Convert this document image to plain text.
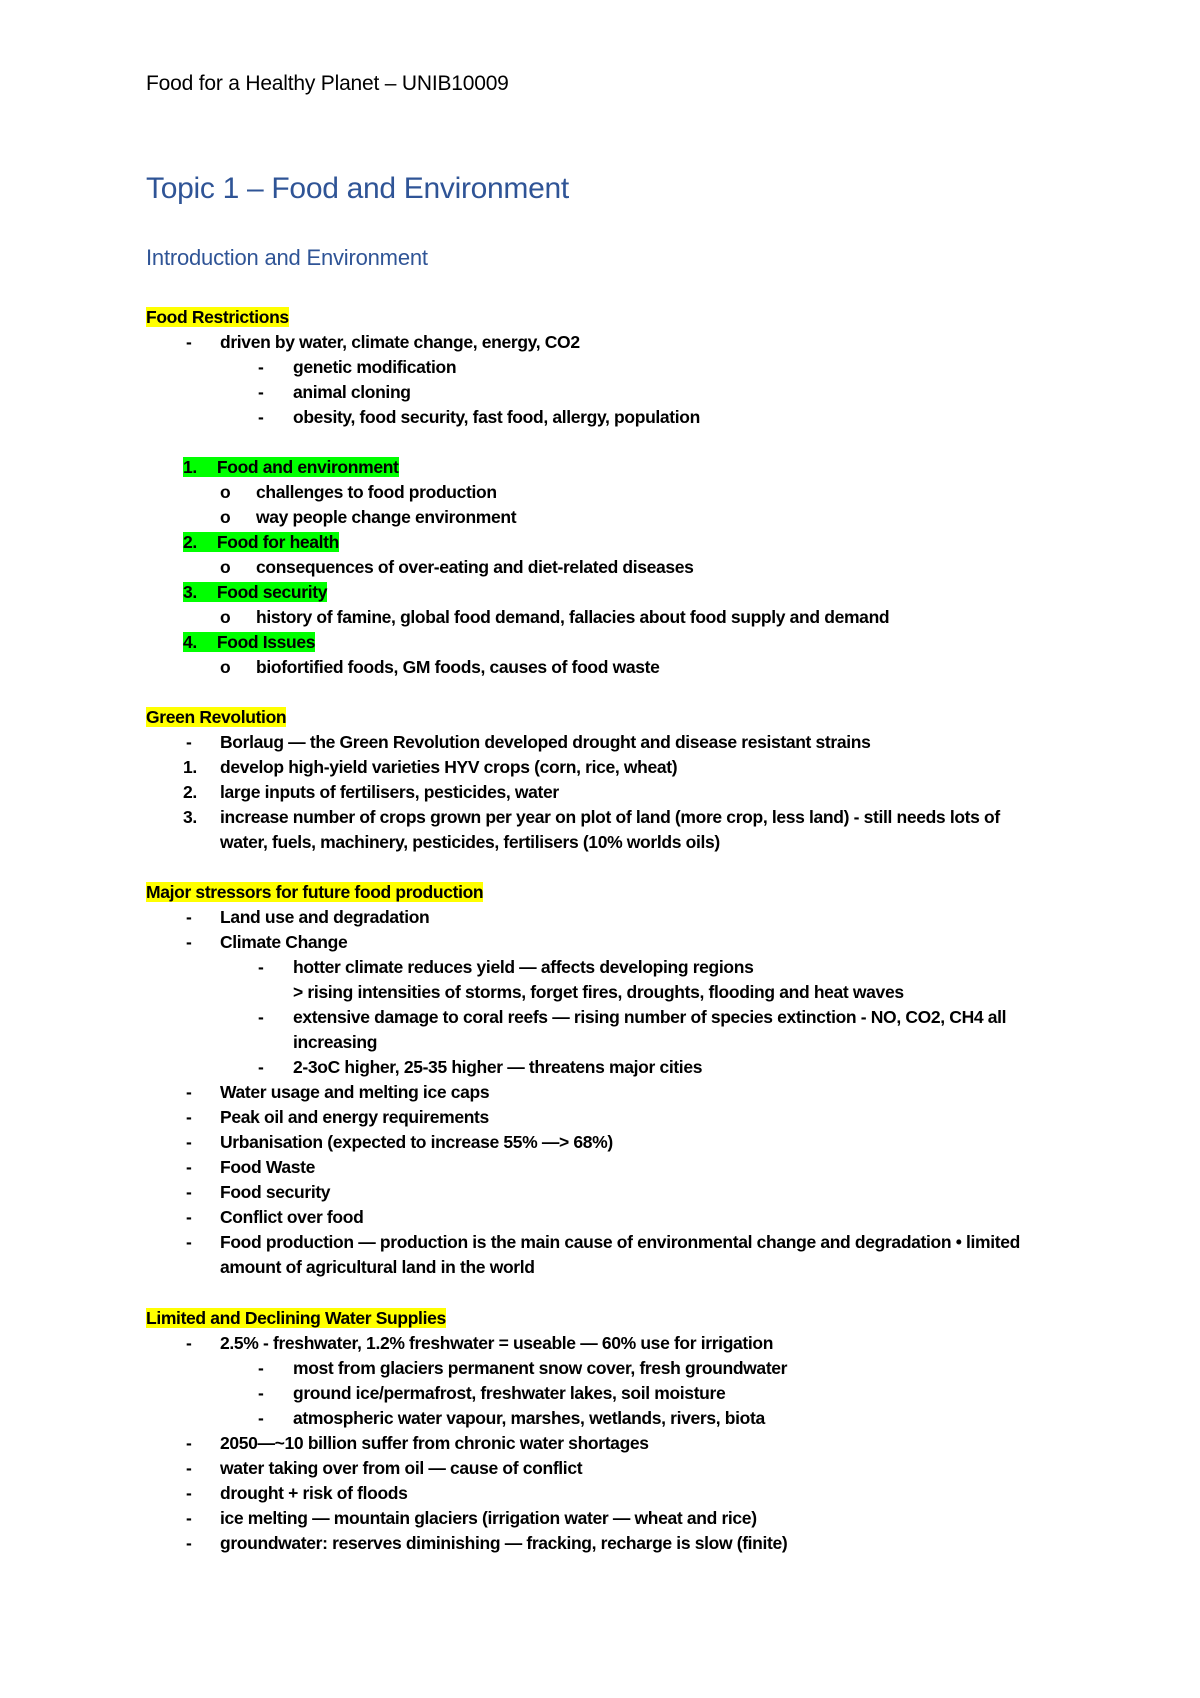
Food for a Healthy Planet – UNIB10009
Topic 1 – Food and Environment
Introduction and Environment
Food Restrictions
- driven by water, climate change, energy, CO2
- genetic modification
- animal cloning
- obesity, food security, fast food, allergy, population
1. Food and environment
o challenges to food production
o way people change environment
2. Food for health
o consequences of over-eating and diet-related diseases
3. Food security
o history of famine, global food demand, fallacies about food supply and demand
4. Food Issues
o biofortified foods, GM foods, causes of food waste
Green Revolution
- Borlaug — the Green Revolution developed drought and disease resistant strains
1. develop high-yield varieties HYV crops (corn, rice, wheat)
2. large inputs of fertilisers, pesticides, water
3. increase number of crops grown per year on plot of land (more crop, less land) - still needs lots of
water, fuels, machinery, pesticides, fertilisers (10% worlds oils)
Major stressors for future food production
- Land use and degradation
- Climate Change
- hotter climate reduces yield — affects developing regions
> rising intensities of storms, forget fires, droughts, flooding and heat waves
- extensive damage to coral reefs — rising number of species extinction - NO, CO2, CH4 all
increasing
- 2-3oC higher, 25-35 higher — threatens major cities
- Water usage and melting ice caps
- Peak oil and energy requirements
- Urbanisation (expected to increase 55% —> 68%)
- Food Waste
- Food security
- Conflict over food
- Food production — production is the main cause of environmental change and degradation • limited
amount of agricultural land in the world
Limited and Declining Water Supplies
- 2.5% - freshwater, 1.2% freshwater = useable — 60% use for irrigation
- most from glaciers permanent snow cover, fresh groundwater
- ground ice/permafrost, freshwater lakes, soil moisture
- atmospheric water vapour, marshes, wetlands, rivers, biota
- 2050—~10 billion suffer from chronic water shortages
- water taking over from oil — cause of conflict
- drought + risk of floods
- ice melting — mountain glaciers (irrigation water — wheat and rice)
- groundwater: reserves diminishing — fracking, recharge is slow (finite)
